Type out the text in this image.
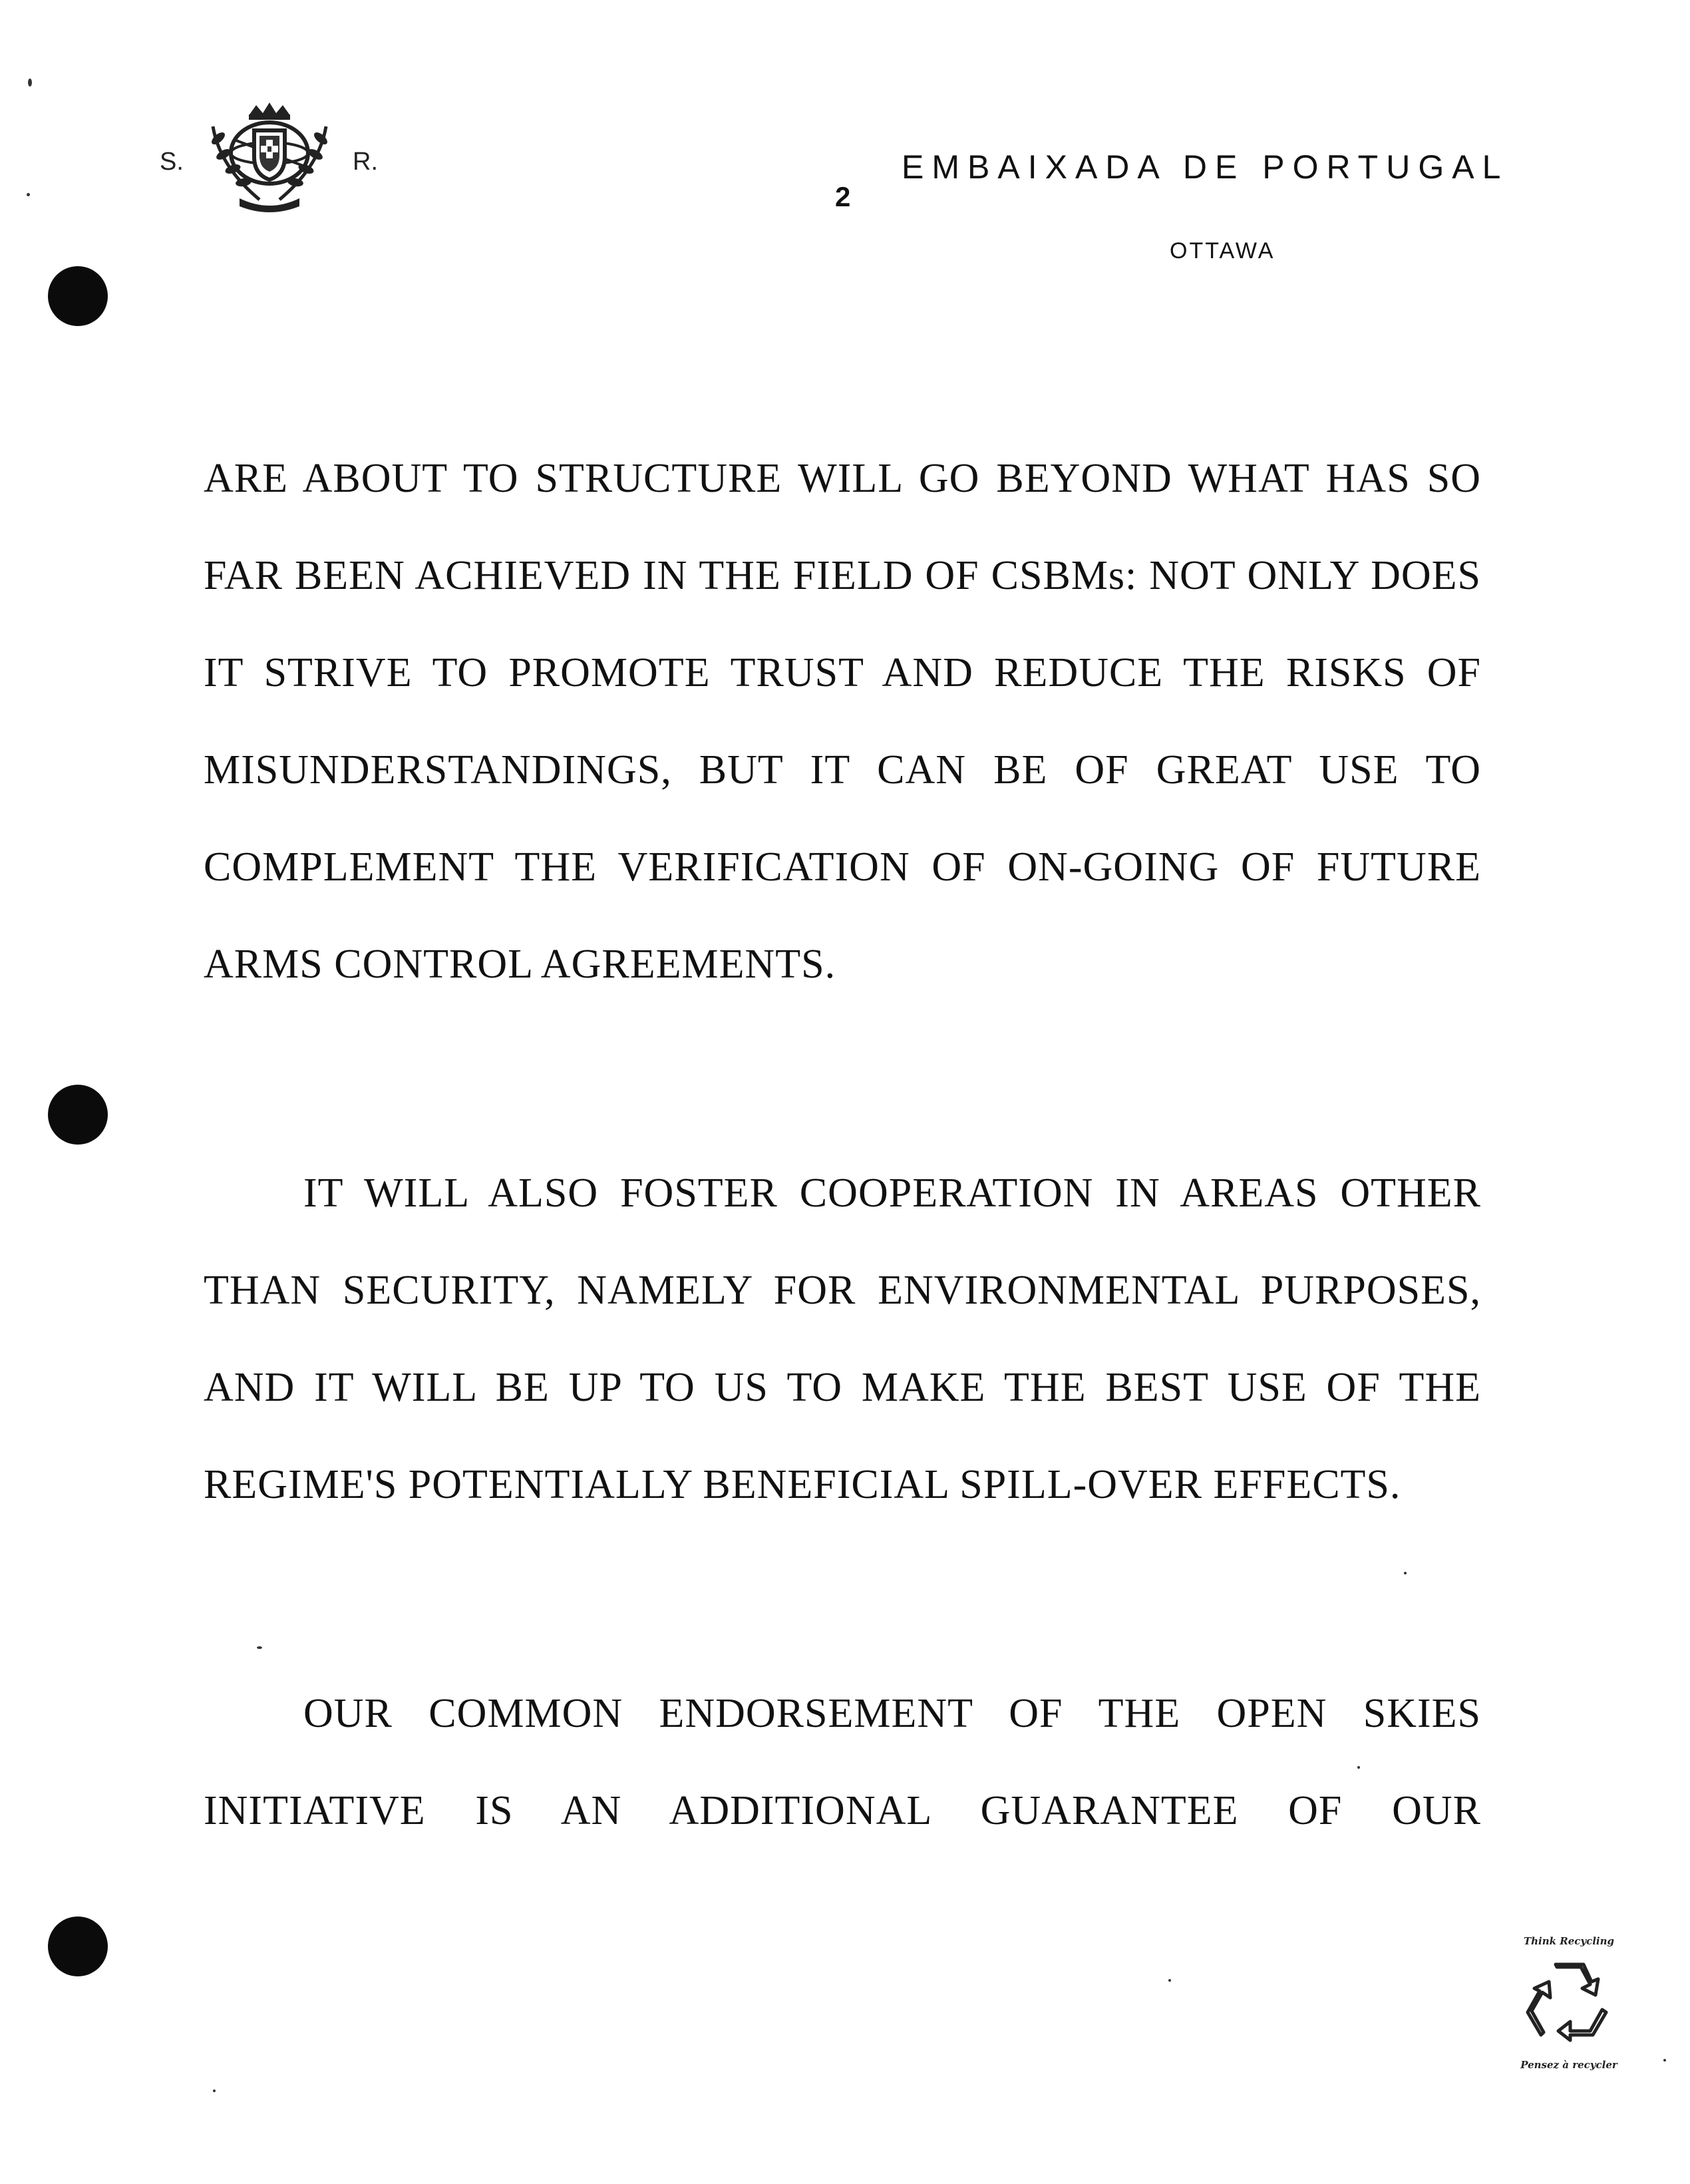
S.	R.	EMBAIXADA DE PORTUGAL
2
OTTAWA

ARE ABOUT TO STRUCTURE WILL GO BEYOND WHAT HAS SO
FAR BEEN ACHIEVED IN THE FIELD OF CSBMs: NOT ONLY DOES
IT STRIVE TO PROMOTE TRUST AND REDUCE THE RISKS OF
MISUNDERSTANDINGS, BUT IT CAN BE OF GREAT USE TO
COMPLEMENT THE VERIFICATION OF ON-GOING OF FUTURE
ARMS CONTROL AGREEMENTS.

IT WILL ALSO FOSTER COOPERATION IN AREAS OTHER
THAN SECURITY, NAMELY FOR ENVIRONMENTAL PURPOSES,
AND IT WILL BE UP TO US TO MAKE THE BEST USE OF THE
REGIME'S POTENTIALLY BENEFICIAL SPILL-OVER EFFECTS.

OUR COMMON ENDORSEMENT OF THE OPEN SKIES
INITIATIVE IS AN ADDITIONAL GUARANTEE OF OUR

Think Recycling
Pensez à recycler
